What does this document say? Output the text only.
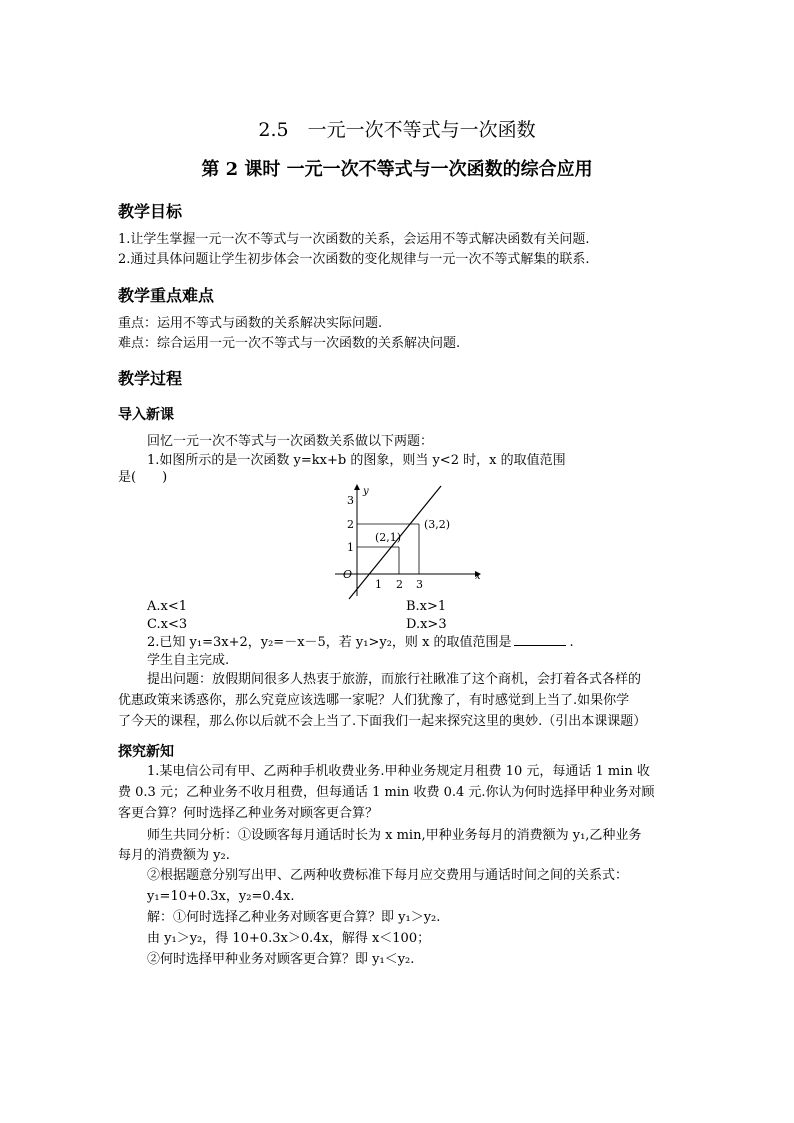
2.5　一元一次不等式与一次函数
第 2 课时 一元一次不等式与一次函数的综合应用
教学目标
1.让学生掌握一元一次不等式与一次函数的关系，会运用不等式解决函数有关问题.
2.通过具体问题让学生初步体会一次函数的变化规律与一元一次不等式解集的联系.
教学重点难点
重点：运用不等式与函数的关系解决实际问题.
难点：综合运用一元一次不等式与一次函数的关系解决问题.
教学过程
导入新课
回忆一元一次不等式与一次函数关系做以下两题：
1.如图所示的是一次函数 y=kx+b 的图象，则当 y<2 时，x 的取值范围
是(　　)
y
x
O
3
2
1
1 2 3
(2,1)
(3,2)
A.x<1	B.x>1
C.x<3	D.x>3
2.已知 y₁=3x+2，y₂=－x－5，若 y₁>y₂，则 x 的取值范围是	.
学生自主完成.
提出问题：放假期间很多人热衷于旅游，而旅行社瞅准了这个商机，会打着各式各样的
优惠政策来诱惑你，那么究竟应该选哪一家呢？人们犹豫了，有时感觉到上当了.如果你学
了今天的课程，那么你以后就不会上当了.下面我们一起来探究这里的奥妙.（引出本课课题）
探究新知
1.某电信公司有甲、乙两种手机收费业务.甲种业务规定月租费 10 元，每通话 1 min 收
费 0.3 元；乙种业务不收月租费，但每通话 1 min 收费 0.4 元.你认为何时选择甲种业务对顾
客更合算？何时选择乙种业务对顾客更合算？
师生共同分析：①设顾客每月通话时长为 x min,甲种业务每月的消费额为 y₁,乙种业务
每月的消费额为 y₂.
②根据题意分别写出甲、乙两种收费标准下每月应交费用与通话时间之间的关系式：
y₁=10+0.3x，y₂=0.4x.
解：①何时选择乙种业务对顾客更合算？即 y₁＞y₂.
由 y₁＞y₂，得 10+0.3x＞0.4x，解得 x＜100；
②何时选择甲种业务对顾客更合算？即 y₁＜y₂.
